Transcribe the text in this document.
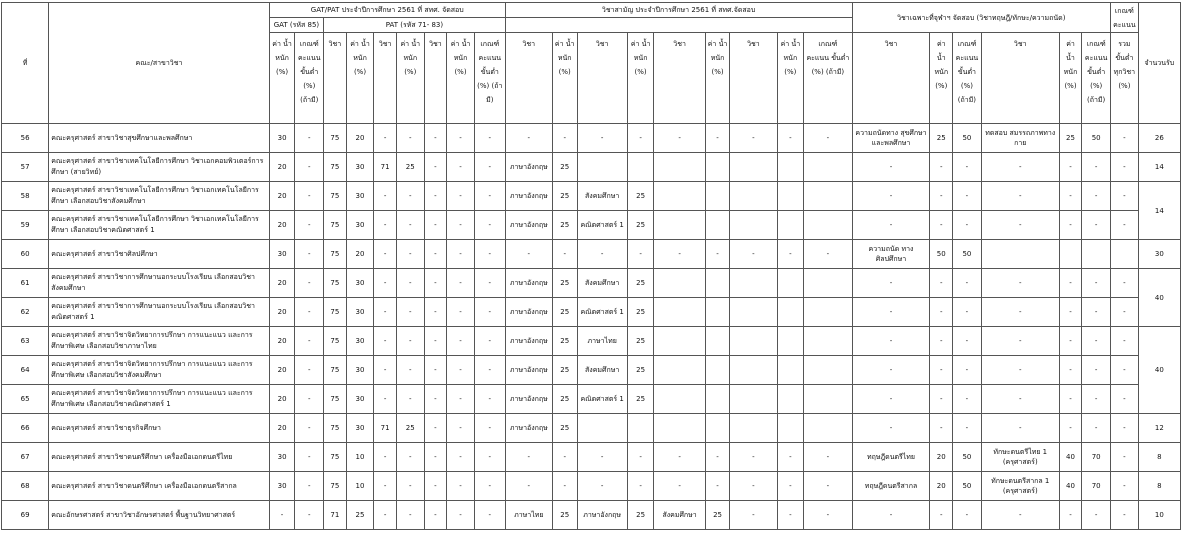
ที่	คณะ/สาขาวิชา	GAT/PAT ประจำปีการศึกษา 2561 ที่ สทศ. จัดสอบ									วิชาสามัญ ประจำปีการศึกษา 2561 ที่ สทศ.จัดสอบ									วิชาเฉพาะที่จุฬาฯ จัดสอบ (วิชาทฤษฎี/ทักษะ/ความถนัด)						เกณฑ์คะแนน	จำนวนรับ
		GAT (รหัส 85)		PAT (รหัส 71- 83)																							
		ค่า น้ำหนัก (%)	เกณฑ์ คะแนน ขั้นต่ำ (%) (ถ้ามี)	วิชา	ค่า น้ำหนัก (%)	วิชา	ค่า น้ำหนัก (%)	วิชา	ค่า น้ำหนัก (%)	เกณฑ์ คะแนน ขั้นต่ำ (%) (ถ้ามี)	วิชา	ค่า น้ำหนัก (%)	วิชา	ค่า น้ำหนัก (%)	วิชา	ค่า น้ำหนัก (%)	วิชา	ค่า น้ำหนัก (%)	เกณฑ์ คะแนน ขั้นต่ำ (%) (ถ้ามี)	วิชา	ค่า น้ำหนัก (%)	เกณฑ์ คะแนน ขั้นต่ำ (%) (ถ้ามี)	วิชา	ค่า น้ำหนัก (%)	เกณฑ์ คะแนน ขั้นต่ำ (%) (ถ้ามี)	รวม ขั้นต่ำ ทุกวิชา (%)	
56	คณะครุศาสตร์ สาขาวิชาสุขศึกษาและพลศึกษา	30	-	75	20	-	-	-	-	-	-	-	-	-	-	-	-	-	-	ความถนัดทาง สุขศึกษาและพลศึกษา	25	50	ทดสอบ สมรรถภาพทางกาย	25	50	-	26
57	คณะครุศาสตร์ สาขาวิชาเทคโนโลยีการศึกษา วิชาเอกคอมพิวเตอร์การศึกษา (สายวิทย์)	20	-	75	30	71	25	-	-	-	ภาษาอังกฤษ	25								-	-	-	-	-	-	-	14
58	คณะครุศาสตร์ สาขาวิชาเทคโนโลยีการศึกษา วิชาเอกเทคโนโลยีการศึกษา เลือกสอบวิชาสังคมศึกษา	20	-	75	30	-	-	-	-	-	ภาษาอังกฤษ	25	สังคมศึกษา	25						-	-	-	-	-	-	-	14
59	คณะครุศาสตร์ สาขาวิชาเทคโนโลยีการศึกษา วิชาเอกเทคโนโลยีการศึกษา เลือกสอบวิชาคณิตศาสตร์ 1	20	-	75	30	-	-	-	-	-	ภาษาอังกฤษ	25	คณิตศาสตร์ 1	25						-	-	-	-	-	-	-	
60	คณะครุศาสตร์ สาขาวิชาศิลปศึกษา	30	-	75	20	-	-	-	-	-	-	-	-	-	-	-	-	-	-	ความถนัด ทางศิลปศึกษา	50	50					30
61	คณะครุศาสตร์ สาขาวิชาการศึกษานอกระบบโรงเรียน เลือกสอบวิชาสังคมศึกษา	20	-	75	30	-	-	-	-	-	ภาษาอังกฤษ	25	สังคมศึกษา	25						-	-	-	-	-	-	-	40
62	คณะครุศาสตร์ สาขาวิชาการศึกษานอกระบบโรงเรียน เลือกสอบวิชาคณิตศาสตร์ 1	20	-	75	30	-	-	-	-	-	ภาษาอังกฤษ	25	คณิตศาสตร์ 1	25						-	-	-	-	-	-	-	
63	คณะครุศาสตร์ สาขาวิชาจิตวิทยาการปรึกษา การแนะแนว และการศึกษาพิเศษ เลือกสอบวิชาภาษาไทย	20	-	75	30	-	-	-	-	-	ภาษาอังกฤษ	25	ภาษาไทย	25						-	-	-	-	-	-	-	40
64	คณะครุศาสตร์ สาขาวิชาจิตวิทยาการปรึกษา การแนะแนว และการศึกษาพิเศษ เลือกสอบวิชาสังคมศึกษา	20	-	75	30	-	-	-	-	-	ภาษาอังกฤษ	25	สังคมศึกษา	25						-	-	-	-	-	-	-	
65	คณะครุศาสตร์ สาขาวิชาจิตวิทยาการปรึกษา การแนะแนว และการศึกษาพิเศษ เลือกสอบวิชาคณิตศาสตร์ 1	20	-	75	30	-	-	-	-	-	ภาษาอังกฤษ	25	คณิตศาสตร์ 1	25						-	-	-	-	-	-	-	
66	คณะครุศาสตร์ สาขาวิชาธุรกิจศึกษา	20	-	75	30	71	25	-	-	-	ภาษาอังกฤษ	25								-	-	-	-	-	-	-	12
67	คณะครุศาสตร์ สาขาวิชาดนตรีศึกษา เครื่องมือเอกดนตรีไทย	30	-	75	10	-	-	-	-	-	-	-	-	-	-	-	-	-	-	ทฤษฎีดนตรีไทย	20	50	ทักษะดนตรีไทย 1 (ครุศาสตร์)	40	70	-	8
68	คณะครุศาสตร์ สาขาวิชาดนตรีศึกษา เครื่องมือเอกดนตรีสากล	30	-	75	10	-	-	-	-	-	-	-	-	-	-	-	-	-	-	ทฤษฎีดนตรีสากล	20	50	ทักษะดนตรีสากล 1 (ครุศาสตร์)	40	70	-	8
69	คณะอักษรศาสตร์ สาขาวิชาอักษรศาสตร์ พื้นฐานวิทยาศาสตร์	-	-	71	25	-	-	-	-	-	ภาษาไทย	25	ภาษาอังกฤษ	25	สังคมศึกษา	25	-	-	-	-	-	-	-	-	-	-	10
